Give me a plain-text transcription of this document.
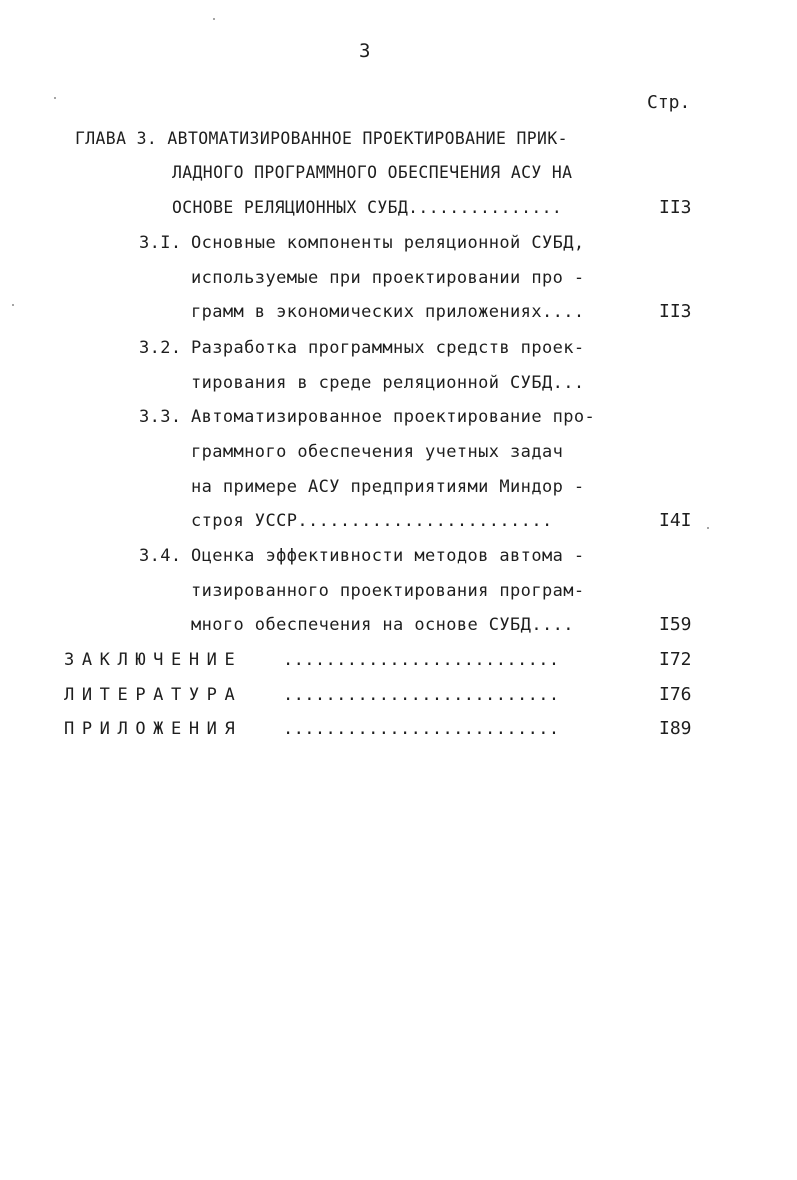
3
Стр.
ГЛАВА 3. АВТОМАТИЗИРОВАННОЕ ПРОЕКТИРОВАНИЕ ПРИК-
ЛАДНОГО ПРОГРАММНОГО ОБЕСПЕЧЕНИЯ АСУ НА
ОСНОВЕ РЕЛЯЦИОННЫХ СУБД...............	II3
3.I. Основные компоненты реляционной СУБД,
используемые при проектировании про -
грамм в экономических приложениях....	II3
3.2. Разработка программных средств проек-
тирования в среде реляционной СУБД...
3.3. Автоматизированное проектирование про-
граммного обеспечения учетных задач
на примере АСУ предприятиями Миндор -
строя УССР........................	I4I
3.4. Оценка эффективности методов автома -
тизированного проектирования програм-
много обеспечения на основе СУБД....	I59
ЗАКЛЮЧЕНИЕ ..........................	I72
ЛИТЕРАТУРА ..........................	I76
ПРИЛОЖЕНИЯ ..........................	I89
